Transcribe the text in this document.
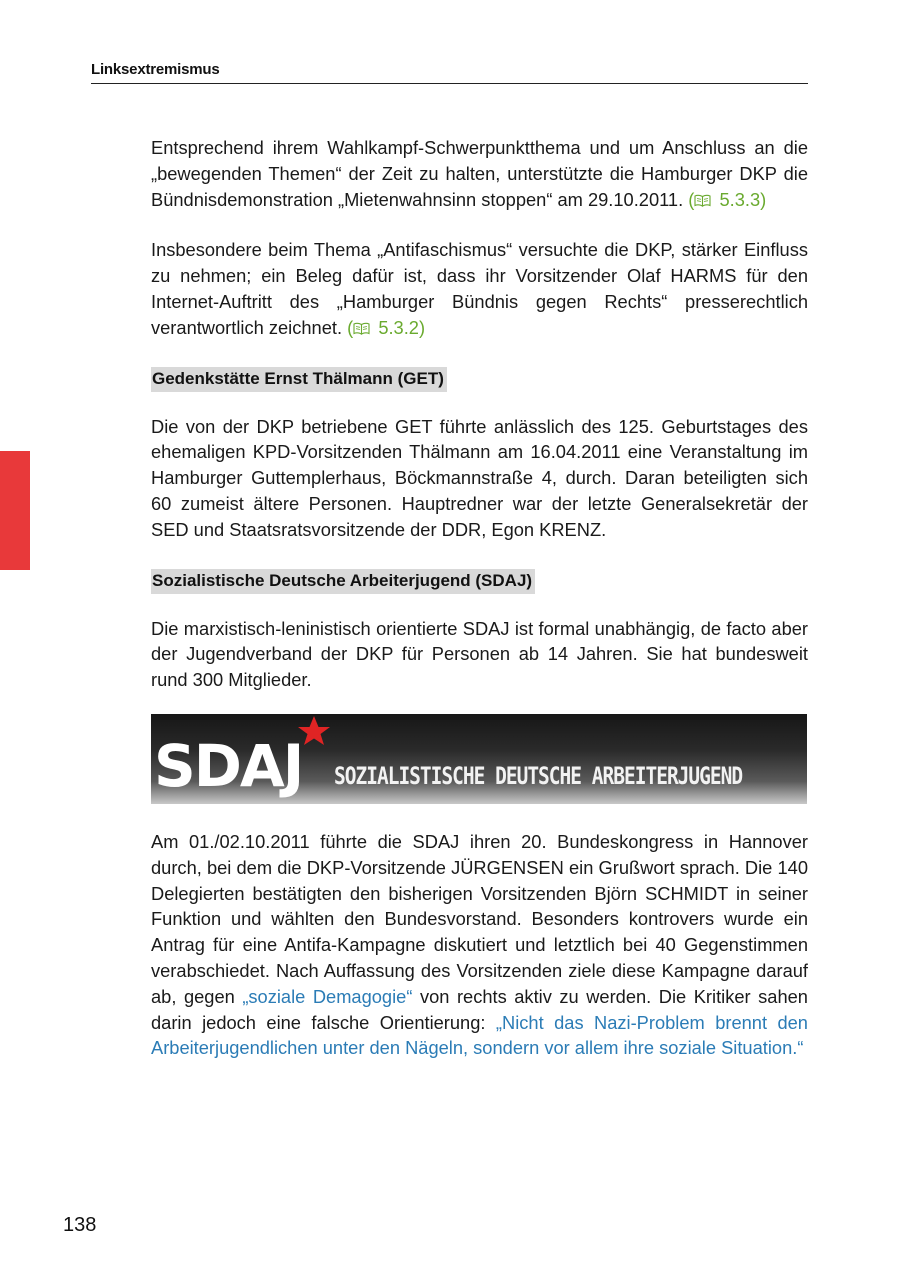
Linksextremismus

Entsprechend ihrem Wahlkampf-Schwerpunktthema und um Anschluss an die „bewegenden Themen“ der Zeit zu halten, unterstützte die Hamburger DKP die Bündnisdemonstration „Mietenwahnsinn stoppen“ am 29.10.2011. ( 5.3.3)

Insbesondere beim Thema „Antifaschismus“ versuchte die DKP, stärker Einfluss zu nehmen; ein Beleg dafür ist, dass ihr Vorsitzender Olaf HARMS für den Internet-Auftritt des „Hamburger Bündnis gegen Rechts“ presserechtlich verantwortlich zeichnet. ( 5.3.2)

Gedenkstätte Ernst Thälmann (GET)

Die von der DKP betriebene GET führte anlässlich des 125. Geburtstages des ehemaligen KPD-Vorsitzenden Thälmann am 16.04.2011 eine Veranstaltung im Hamburger Guttemplerhaus, Böckmannstraße 4, durch. Daran beteiligten sich 60 zumeist ältere Personen. Hauptredner war der letzte Generalsekretär der SED und Staatsratsvorsitzende der DDR, Egon KRENZ.

Sozialistische Deutsche Arbeiterjugend (SDAJ)

Die marxistisch-leninistisch orientierte SDAJ ist formal unabhängig, de facto aber der Jugendverband der DKP für Personen ab 14 Jahren. Sie hat bundesweit rund 300 Mitglieder.

SDAJ SOZIALISTISCHE DEUTSCHE ARBEITERJUGEND

Am 01./02.10.2011 führte die SDAJ ihren 20. Bundeskongress in Hannover durch, bei dem die DKP-Vorsitzende JÜRGENSEN ein Grußwort sprach. Die 140 Delegierten bestätigten den bisherigen Vorsitzenden Björn SCHMIDT in seiner Funktion und wählten den Bundesvorstand. Besonders kontrovers wurde ein Antrag für eine Antifa-Kampagne diskutiert und letztlich bei 40 Gegenstimmen verabschiedet. Nach Auffassung des Vorsitzenden ziele diese Kampagne darauf ab, gegen „soziale Demagogie“ von rechts aktiv zu werden. Die Kritiker sahen darin jedoch eine falsche Orientierung: „Nicht das Nazi-Problem brennt den Arbeiterjugendlichen unter den Nägeln, sondern vor allem ihre soziale Situation.“

138
